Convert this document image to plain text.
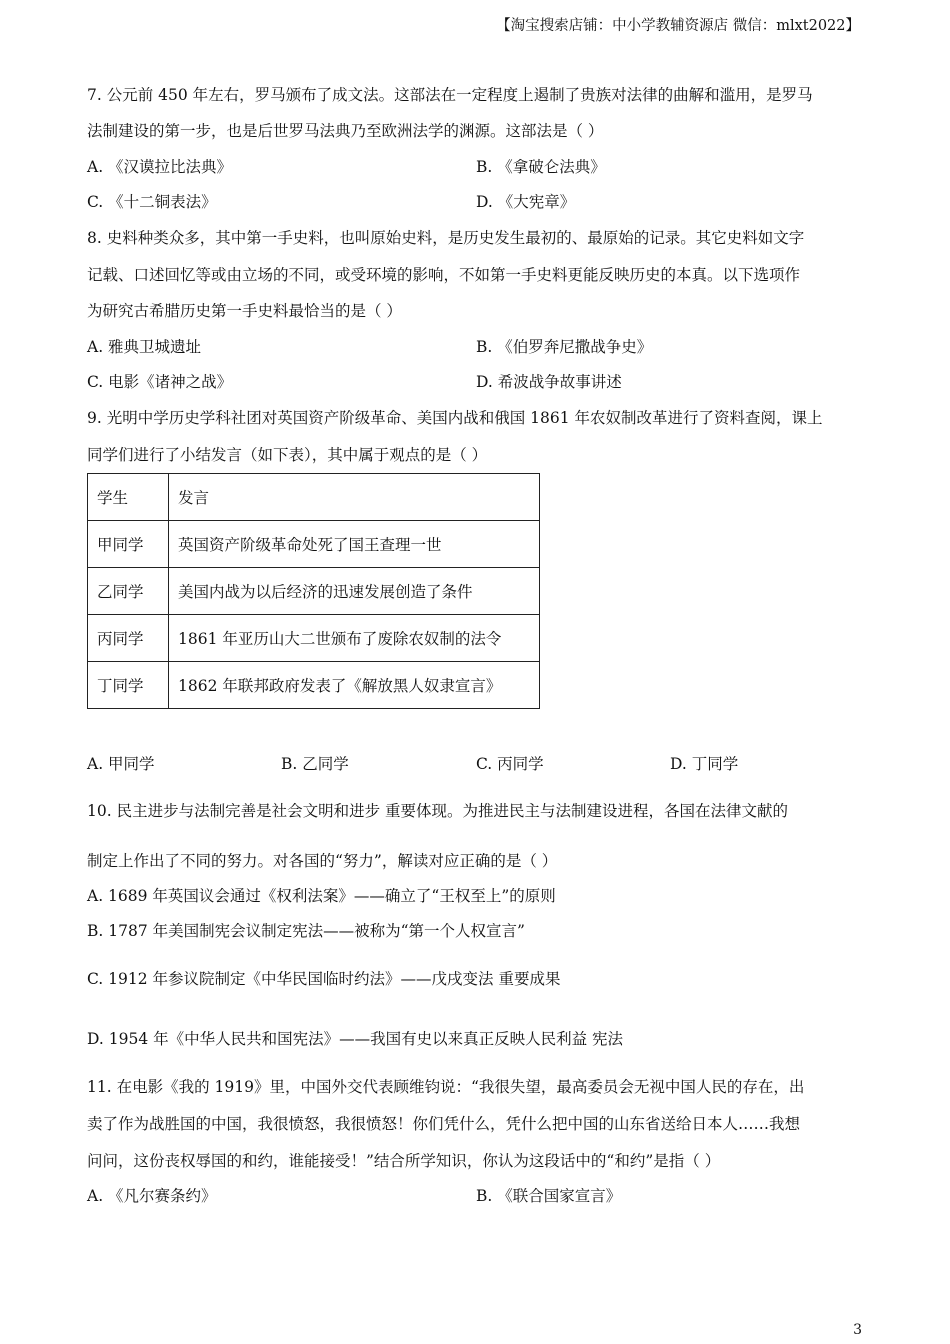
【淘宝搜索店铺：中小学教辅资源店 微信：mlxt2022】
7. 公元前 450 年左右，罗马颁布了成文法。这部法在一定程度上遏制了贵族对法律的曲解和滥用，是罗马
法制建设的第一步，也是后世罗马法典乃至欧洲法学的渊源。这部法是（ ）
A. 《汉谟拉比法典》	B. 《拿破仑法典》
C. 《十二铜表法》	D. 《大宪章》
8. 史料种类众多，其中第一手史料，也叫原始史料，是历史发生最初的、最原始的记录。其它史料如文字
记载、口述回忆等或由立场的不同，或受环境的影响，不如第一手史料更能反映历史的本真。以下选项作
为研究古希腊历史第一手史料最恰当的是（ ）
A. 雅典卫城遗址	B. 《伯罗奔尼撒战争史》
C. 电影《诸神之战》	D. 希波战争故事讲述
9. 光明中学历史学科社团对英国资产阶级革命、美国内战和俄国 1861 年农奴制改革进行了资料查阅，课上
同学们进行了小结发言（如下表），其中属于观点的是（ ）
学生	发言
甲同学	英国资产阶级革命处死了国王查理一世
乙同学	美国内战为以后经济的迅速发展创造了条件
丙同学	1861 年亚历山大二世颁布了废除农奴制的法令
丁同学	1862 年联邦政府发表了《解放黑人奴隶宣言》
A. 甲同学	B. 乙同学	C. 丙同学	D. 丁同学
10. 民主进步与法制完善是社会文明和进步 重要体现。为推进民主与法制建设进程，各国在法律文献的
制定上作出了不同的努力。对各国的“努力”，解读对应正确的是（ ）
A. 1689 年英国议会通过《权利法案》——确立了“王权至上”的原则
B. 1787 年美国制宪会议制定宪法——被称为“第一个人权宣言”
C. 1912 年参议院制定《中华民国临时约法》——戊戌变法 重要成果
D. 1954 年《中华人民共和国宪法》——我国有史以来真正反映人民利益 宪法
11. 在电影《我的 1919》里，中国外交代表顾维钧说：“我很失望，最高委员会无视中国人民的存在，出
卖了作为战胜国的中国，我很愤怒，我很愤怒！你们凭什么，凭什么把中国的山东省送给日本人……我想
问问，这份丧权辱国的和约，谁能接受！”结合所学知识，你认为这段话中的“和约”是指（ ）
A. 《凡尔赛条约》	B. 《联合国家宣言》
3
